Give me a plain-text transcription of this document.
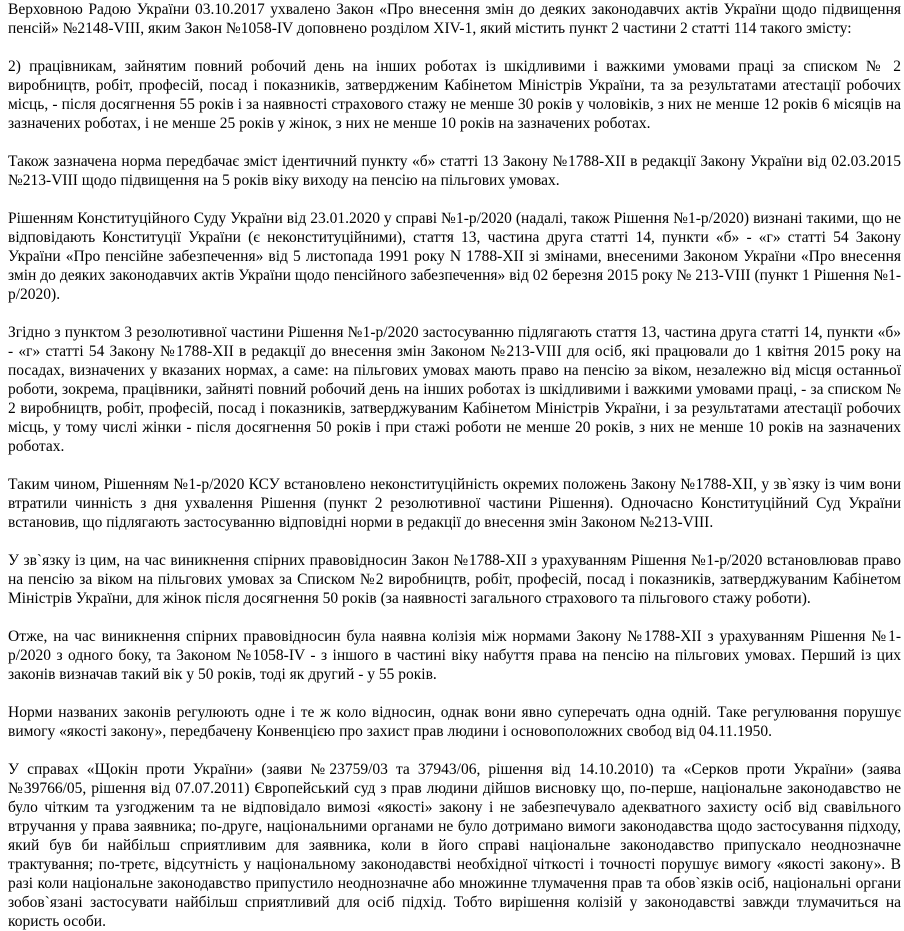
Верховною Радою України 03.10.2017 ухвалено Закон «Про внесення змін до деяких законодавчих актів України щодо підвищення пенсій» №2148-VIII, яким Закон №1058-IV доповнено розділом XIV-1, який містить пункт 2 частини 2 статті 114 такого змісту:

2) працівникам, зайнятим повний робочий день на інших роботах із шкідливими і важкими умовами праці за списком № 2 виробництв, робіт, професій, посад і показників, затвердженим Кабінетом Міністрів України, та за результатами атестації робочих місць, - після досягнення 55 років і за наявності страхового стажу не менше 30 років у чоловіків, з них не менше 12 років 6 місяців на зазначених роботах, і не менше 25 років у жінок, з них не менше 10 років на зазначених роботах.

Також зазначена норма передбачає зміст ідентичний пункту «б» статті 13 Закону №1788-XII в редакції Закону України від 02.03.2015 №213-VIII щодо підвищення на 5 років віку виходу на пенсію на пільгових умовах.

Рішенням Конституційного Суду України від 23.01.2020 у справі №1-р/2020 (надалі, також Рішення №1-р/2020) визнані такими, що не відповідають Конституції України (є неконституційними), стаття 13, частина друга статті 14, пункти «б» - «г» статті 54 Закону України «Про пенсійне забезпечення» від 5 листопада 1991 року N 1788-XII зі змінами, внесеними Законом України «Про внесення змін до деяких законодавчих актів України щодо пенсійного забезпечення» від 02 березня 2015 року № 213-VIII (пункт 1 Рішення №1-р/2020).

Згідно з пунктом 3 резолютивної частини Рішення №1-р/2020 застосуванню підлягають стаття 13, частина друга статті 14, пункти «б» - «г» статті 54 Закону №1788-XII в редакції до внесення змін Законом №213-VIII для осіб, які працювали до 1 квітня 2015 року на посадах, визначених у вказаних нормах, а саме: на пільгових умовах мають право на пенсію за віком, незалежно від місця останньої роботи, зокрема, працівники, зайняті повний робочий день на інших роботах із шкідливими і важкими умовами праці, - за списком № 2 виробництв, робіт, професій, посад і показників, затверджуваним Кабінетом Міністрів України, і за результатами атестації робочих місць, у тому числі жінки - після досягнення 50 років і при стажі роботи не менше 20 років, з них не менше 10 років на зазначених роботах.

Таким чином, Рішенням №1-р/2020 КСУ встановлено неконституційність окремих положень Закону №1788-XII, у зв`язку із чим вони втратили чинність з дня ухвалення Рішення (пункт 2 резолютивної частини Рішення). Одночасно Конституційний Суд України встановив, що підлягають застосуванню відповідні норми в редакції до внесення змін Законом №213-VIII.

У зв`язку із цим, на час виникнення спірних правовідносин Закон №1788-XII з урахуванням Рішення №1-р/2020 встановлював право на пенсію за віком на пільгових умовах за Списком №2 виробництв, робіт, професій, посад і показників, затверджуваним Кабінетом Міністрів України, для жінок після досягнення 50 років (за наявності загального страхового та пільгового стажу роботи).

Отже, на час виникнення спірних правовідносин була наявна колізія між нормами Закону №1788-XII з урахуванням Рішення №1-р/2020 з одного боку, та Законом №1058-IV - з іншого в частині віку набуття права на пенсію на пільгових умовах. Перший із цих законів визначав такий вік у 50 років, тоді як другий - у 55 років.

Норми названих законів регулюють одне і те ж коло відносин, однак вони явно суперечать одна одній. Таке регулювання порушує вимогу «якості закону», передбачену Конвенцією про захист прав людини і основоположних свобод від 04.11.1950.

У справах «Щокін проти України» (заяви №23759/03 та 37943/06, рішення від 14.10.2010) та «Серков проти України» (заява №39766/05, рішення від 07.07.2011) Європейський суд з прав людини дійшов висновку що, по-перше, національне законодавство не було чітким та узгодженим та не відповідало вимозі «якості» закону і не забезпечувало адекватного захисту осіб від свавільного втручання у права заявника; по-друге, національними органами не було дотримано вимоги законодавства щодо застосування підходу, який був би найбільш сприятливим для заявника, коли в його справі національне законодавство припускало неоднозначне трактування; по-третє, відсутність у національному законодавстві необхідної чіткості і точності порушує вимогу «якості закону». В разі коли національне законодавство припустило неоднозначне або множинне тлумачення прав та обов`язків осіб, національні органи зобов`язані застосувати найбільш сприятливий для осіб підхід. Тобто вирішення колізій у законодавстві завжди тлумачиться на користь особи.
